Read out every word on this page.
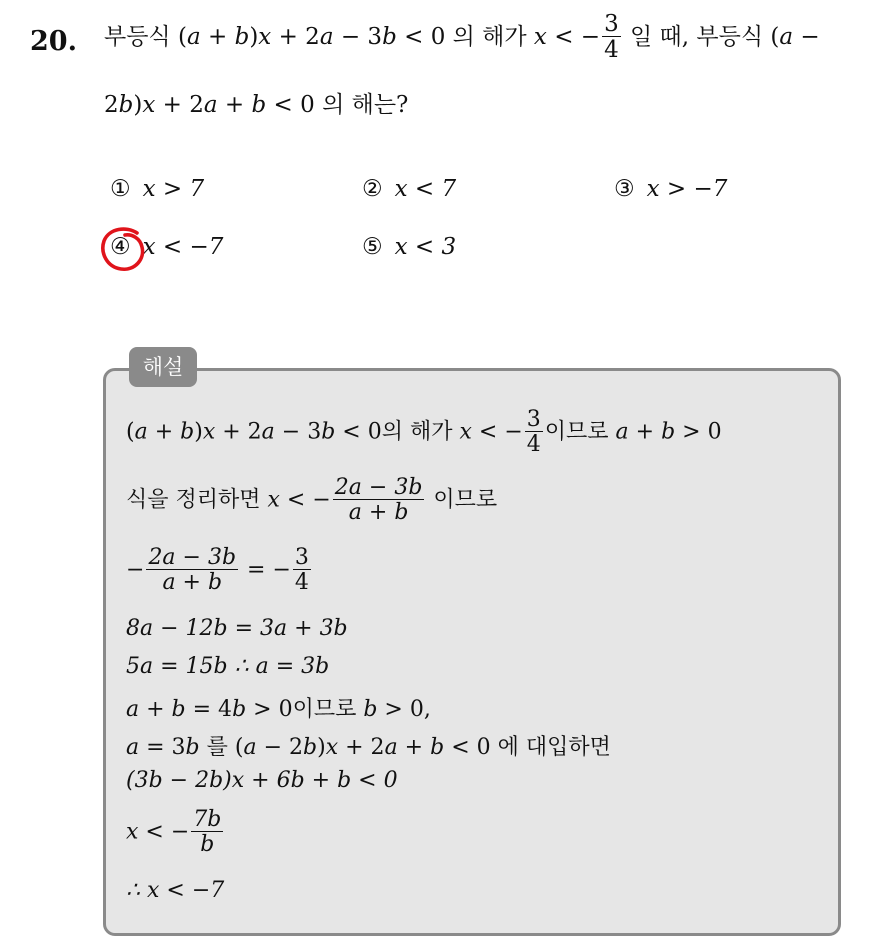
20. 부등식 (a + b)x + 2a − 3b < 0 의 해가 x < − $\frac{3}{4}$ 일 때, 부등식 (a −
2b)x + 2a + b < 0 의 해는?
① x > 7	② x < 7	③ x > −7
④ x < −7	⑤ x < 3
해설
(a + b)x + 2a − 3b < 0의 해가 x < − $\frac{3}{4}$ 이므로 a + b > 0
식을 정리하면 x < − $\frac{2a - 3b}{a + b}$ 이므로
− $\frac{2a - 3b}{a + b}$ = − $\frac{3}{4}$
8a − 12b = 3a + 3b
5a = 15b ∴ a = 3b
a + b = 4b > 0이므로 b > 0,
a = 3b 를 (a − 2b)x + 2a + b < 0 에 대입하면
(3b − 2b)x + 6b + b < 0
x < − $\frac{7b}{b}$
∴ x < −7
